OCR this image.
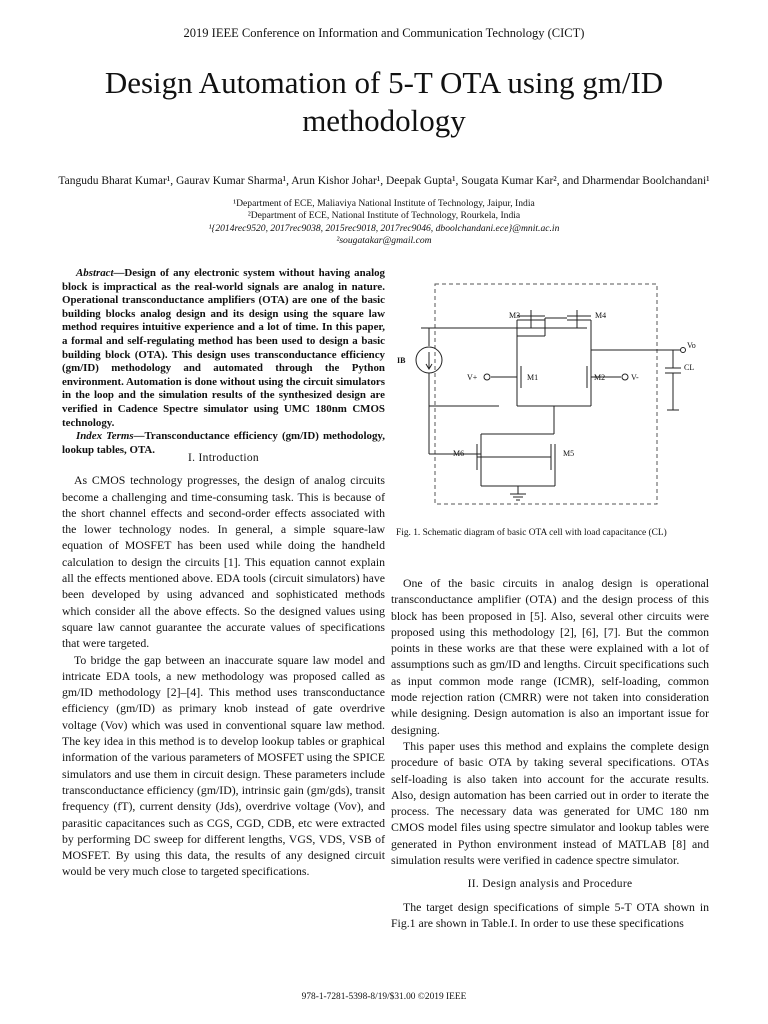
2019 IEEE Conference on Information and Communication Technology (CICT)
Design Automation of 5-T OTA using gm/ID methodology
Tangudu Bharat Kumar¹, Gaurav Kumar Sharma¹, Arun Kishor Johar¹, Deepak Gupta¹, Sougata Kumar Kar², and Dharmendar Boolchandani¹
¹Department of ECE, Maliaviya National Institute of Technology, Jaipur, India
²Department of ECE, National Institute of Technology, Rourkela, India
¹{2014rec9520, 2017rec9038, 2015rec9018, 2017rec9046, dboolchandani.ece}@mnit.ac.in
²sougatakar@gmail.com

Abstract—Design of any electronic system without having analog block is impractical as the real-world signals are analog in nature. Operational transconductance amplifiers (OTA) are one of the basic building blocks analog design and its design using the square law method requires intuitive experience and a lot of time. In this paper, a formal and self-regulating method has been used to design a basic building block (OTA). This design uses transconductance efficiency (gm/ID) methodology and automated through the Python environment. Automation is done without using the circuit simulators in the loop and the simulation results of the synthesized design are verified in Cadence Spectre simulator using UMC 180nm CMOS technology.

Index Terms—Transconductance efficiency (gm/ID) methodology, lookup tables, OTA.

I. Introduction

As CMOS technology progresses, the design of analog circuits become a challenging and time-consuming task. This is because of the short channel effects and second-order effects associated with the lower technology nodes. In general, a simple square-law equation of MOSFET has been used while doing the handheld calculation to design the circuits [1]. This equation cannot explain all the effects mentioned above. EDA tools (circuit simulators) have been developed by using advanced and sophisticated methods which consider all the above effects. So the designed values using square law cannot guarantee the accurate values of specifications that were targeted.

To bridge the gap between an inaccurate square law model and intricate EDA tools, a new methodology was proposed called as gm/ID methodology [2]–[4]. This method uses transconductance efficiency (gm/ID) as primary knob instead of gate overdrive voltage (Vov) which was used in conventional square law method. The key idea in this method is to develop lookup tables or graphical information of the various parameters of MOSFET using the SPICE simulators and use them in circuit design. These parameters include transconductance efficiency (gm/ID), intrinsic gain (gm/gds), transit frequency (fT), current density (Jds), overdrive voltage (Vov), and parasitic capacitances such as CGS, CGD, CDB, etc were extracted by performing DC sweep for different lengths, VGS, VDS, VSB of MOSFET. By using this data, the results of any designed circuit would be very much close to targeted specifications.

M3	M4
M1	M2
M6	M5
IB
Vo
CL
V+	V-
Fig. 1. Schematic diagram of basic OTA cell with load capacitance (CL)

One of the basic circuits in analog design is operational transconductance amplifier (OTA) and the design process of this block has been proposed in [5]. Also, several other circuits were proposed using this methodology [2], [6], [7]. But the common points in these works are that these were explained with a lot of assumptions such as gm/ID and lengths. Circuit specifications such as input common mode range (ICMR), self-loading, common mode rejection ration (CMRR) were not taken into consideration while designing. Design automation is also an important issue for designing.

This paper uses this method and explains the complete design procedure of basic OTA by taking several specifications. OTAs self-loading is also taken into account for the accurate results. Also, design automation has been carried out in order to iterate the process. The necessary data was generated for UMC 180 nm CMOS model files using spectre simulator and lookup tables were generated in Python environment instead of MATLAB [8] and simulation results were verified in cadence spectre simulator.

II. Design analysis and Procedure

The target design specifications of simple 5-T OTA shown in Fig.1 are shown in Table.I. In order to use these specifications

978-1-7281-5398-8/19/$31.00 ©2019 IEEE
